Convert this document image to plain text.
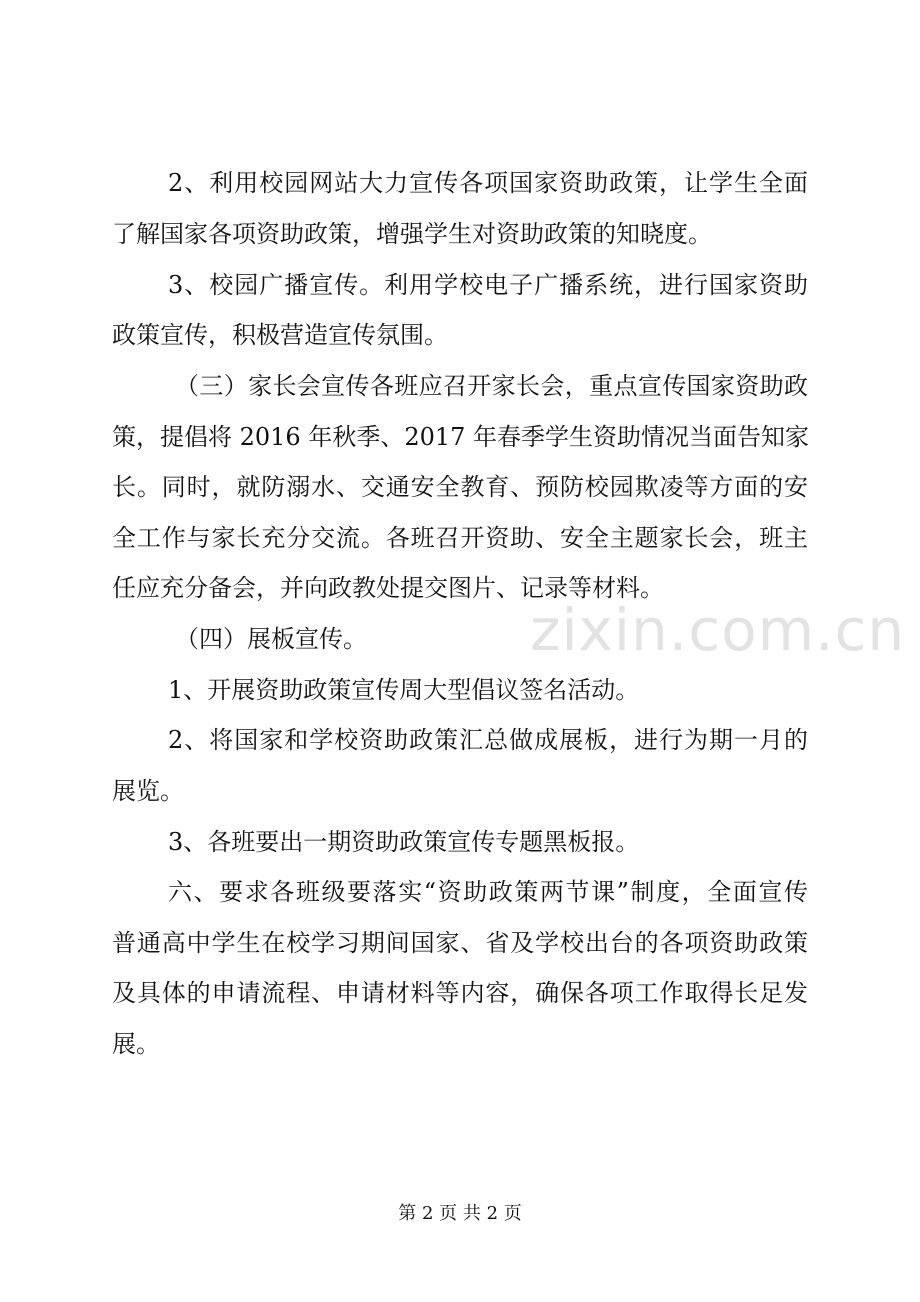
2、利用校园网站大力宣传各项国家资助政策，让学生全面
了解国家各项资助政策，增强学生对资助政策的知晓度。
3、校园广播宣传。利用学校电子广播系统，进行国家资助
政策宣传，积极营造宣传氛围。
（三）家长会宣传各班应召开家长会，重点宣传国家资助政
策，提倡将 2016 年秋季、2017 年春季学生资助情况当面告知家
长。同时，就防溺水、交通安全教育、预防校园欺凌等方面的安
全工作与家长充分交流。各班召开资助、安全主题家长会，班主
任应充分备会，并向政教处提交图片、记录等材料。
（四）展板宣传。
1、开展资助政策宣传周大型倡议签名活动。
2、将国家和学校资助政策汇总做成展板，进行为期一月的
展览。
3、各班要出一期资助政策宣传专题黑板报。
六、要求各班级要落实“资助政策两节课”制度，全面宣传
普通高中学生在校学习期间国家、省及学校出台的各项资助政策
及具体的申请流程、申请材料等内容，确保各项工作取得长足发
展。
zixin.com.cn
第 2 页 共 2 页
